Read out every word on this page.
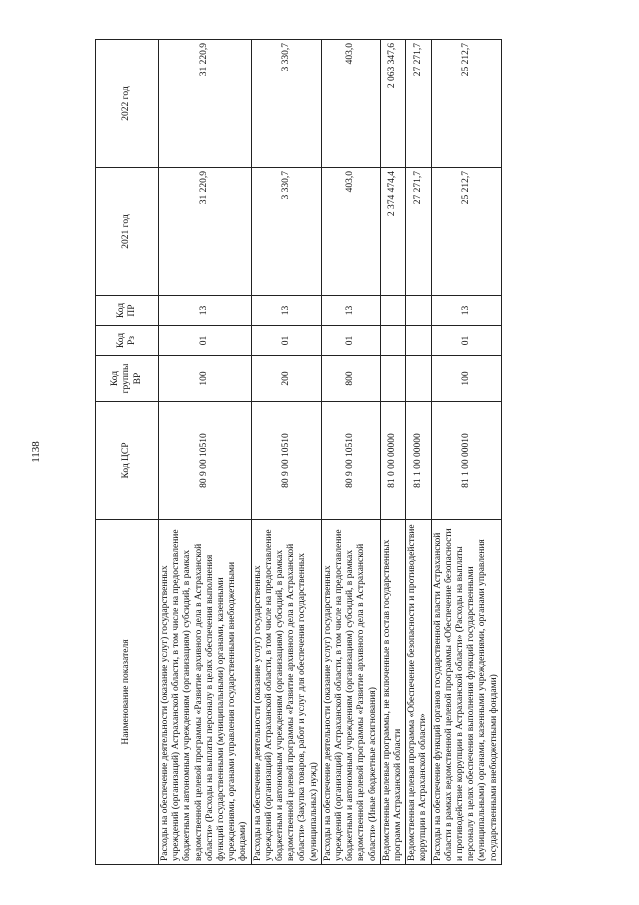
1138
Наименование показателя	Код ЦСР	Код группы ВР	Код Рз	Код ПР	2021 год	2022 год
Расходы на обеспечение деятельности (оказание услуг) государственных учреждений (организаций) Астраханской области, в том числе на предоставление бюджетным и автономным учреждениям (организациям) субсидий, в рамках ведомственной целевой программы «Развитие архивного дела в Астраханской области» (Расходы на выплаты персоналу в целях обеспечения выполнения функций государственными (муниципальными) органами, казенными учреждениями, органами управления государственными внебюджетными фондами)	80 9 00 10510	100	01	13	31 220,9	31 220,9
Расходы на обеспечение деятельности (оказание услуг) государственных учреждений (организаций) Астраханской области, в том числе на предоставление бюджетным и автономным учреждениям (организациям) субсидий, в рамках ведомственной целевой программы «Развитие архивного дела в Астраханской области» (Закупка товаров, работ и услуг для обеспечения государственных (муниципальных) нужд)	80 9 00 10510	200	01	13	3 330,7	3 330,7
Расходы на обеспечение деятельности (оказание услуг) государственных учреждений (организаций) Астраханской области, в том числе на предоставление бюджетным и автономным учреждениям (организациям) субсидий, в рамках ведомственной целевой программы «Развитие архивного дела в Астраханской области» (Иные бюджетные ассигнования)	80 9 00 10510	800	01	13	403,0	403,0
Ведомственные целевые программы, не включенные в состав государственных программ Астраханской области	81 0 00 00000				2 374 474,4	2 063 347,6
Ведомственная целевая программа «Обеспечение безопасности и противодействие коррупции в Астраханской области»	81 1 00 00000				27 271,7	27 271,7
Расходы на обеспечение функций органов государственной власти Астраханской области в рамках ведомственной целевой программы «Обеспечение безопасности и противодействие коррупции в Астраханской области» (Расходы на выплаты персоналу в целях обеспечения выполнения функций государственными (муниципальными) органами, казенными учреждениями, органами управления государственными внебюджетными фондами)	81 1 00 00010	100	01	13	25 212,7	25 212,7
